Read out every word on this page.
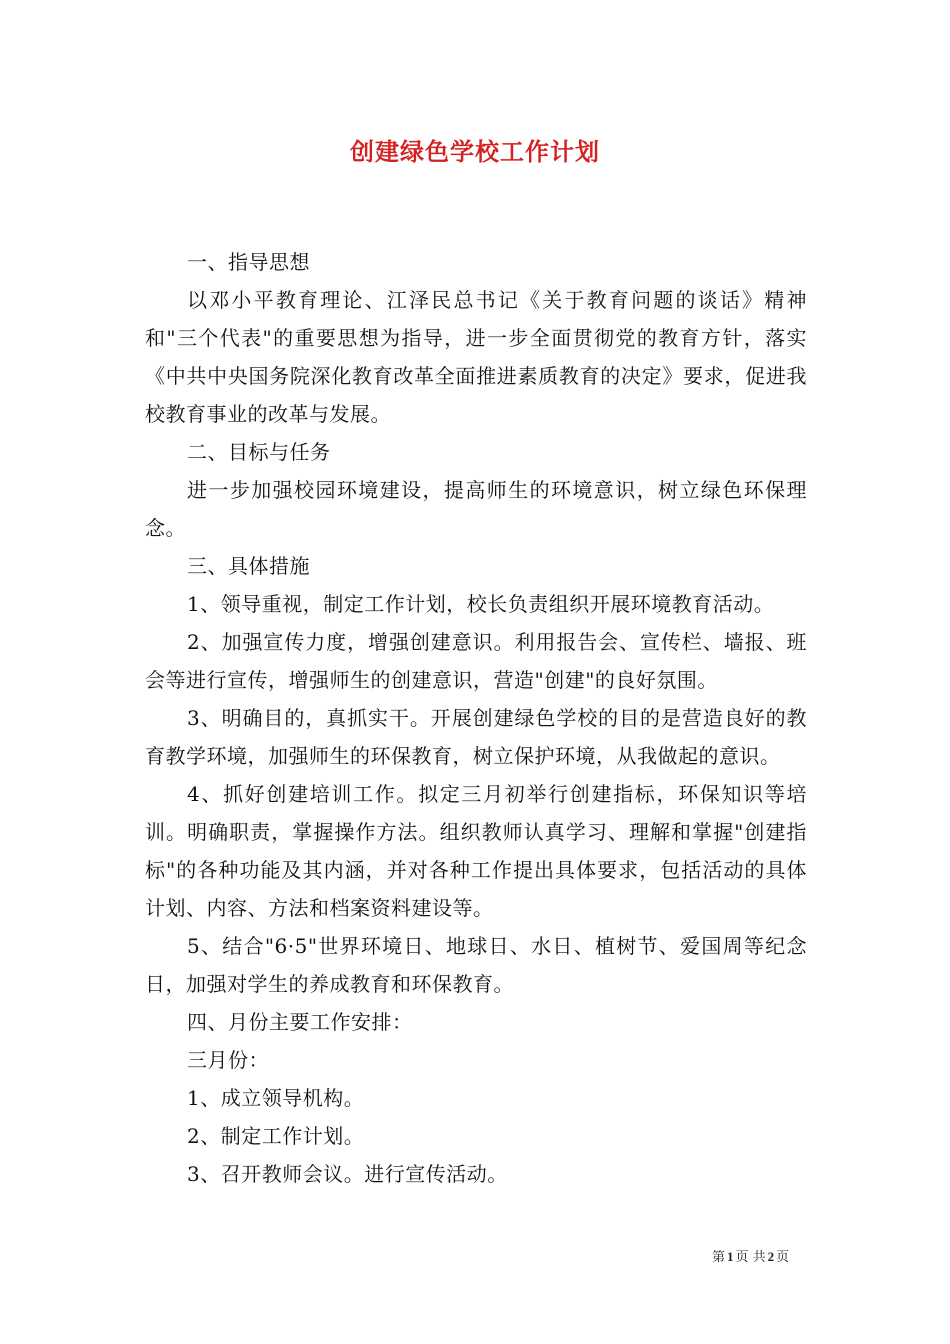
创建绿色学校工作计划

一、指导思想

以邓小平教育理论、江泽民总书记《关于教育问题的谈话》精神和"三个代表"的重要思想为指导，进一步全面贯彻党的教育方针，落实《中共中央国务院深化教育改革全面推进素质教育的决定》要求，促进我校教育事业的改革与发展。

二、目标与任务

进一步加强校园环境建设，提高师生的环境意识，树立绿色环保理念。

三、具体措施

1、领导重视，制定工作计划，校长负责组织开展环境教育活动。

2、加强宣传力度，增强创建意识。利用报告会、宣传栏、墙报、班会等进行宣传，增强师生的创建意识，营造"创建"的良好氛围。

3、明确目的，真抓实干。开展创建绿色学校的目的是营造良好的教育教学环境，加强师生的环保教育，树立保护环境，从我做起的意识。

4、抓好创建培训工作。拟定三月初举行创建指标，环保知识等培训。明确职责，掌握操作方法。组织教师认真学习、理解和掌握"创建指标"的各种功能及其内涵，并对各种工作提出具体要求，包括活动的具体计划、内容、方法和档案资料建设等。

5、结合"6·5"世界环境日、地球日、水日、植树节、爱国周等纪念日，加强对学生的养成教育和环保教育。

四、月份主要工作安排：

三月份：

1、成立领导机构。

2、制定工作计划。

3、召开教师会议。进行宣传活动。

第 1 页 共 2 页
